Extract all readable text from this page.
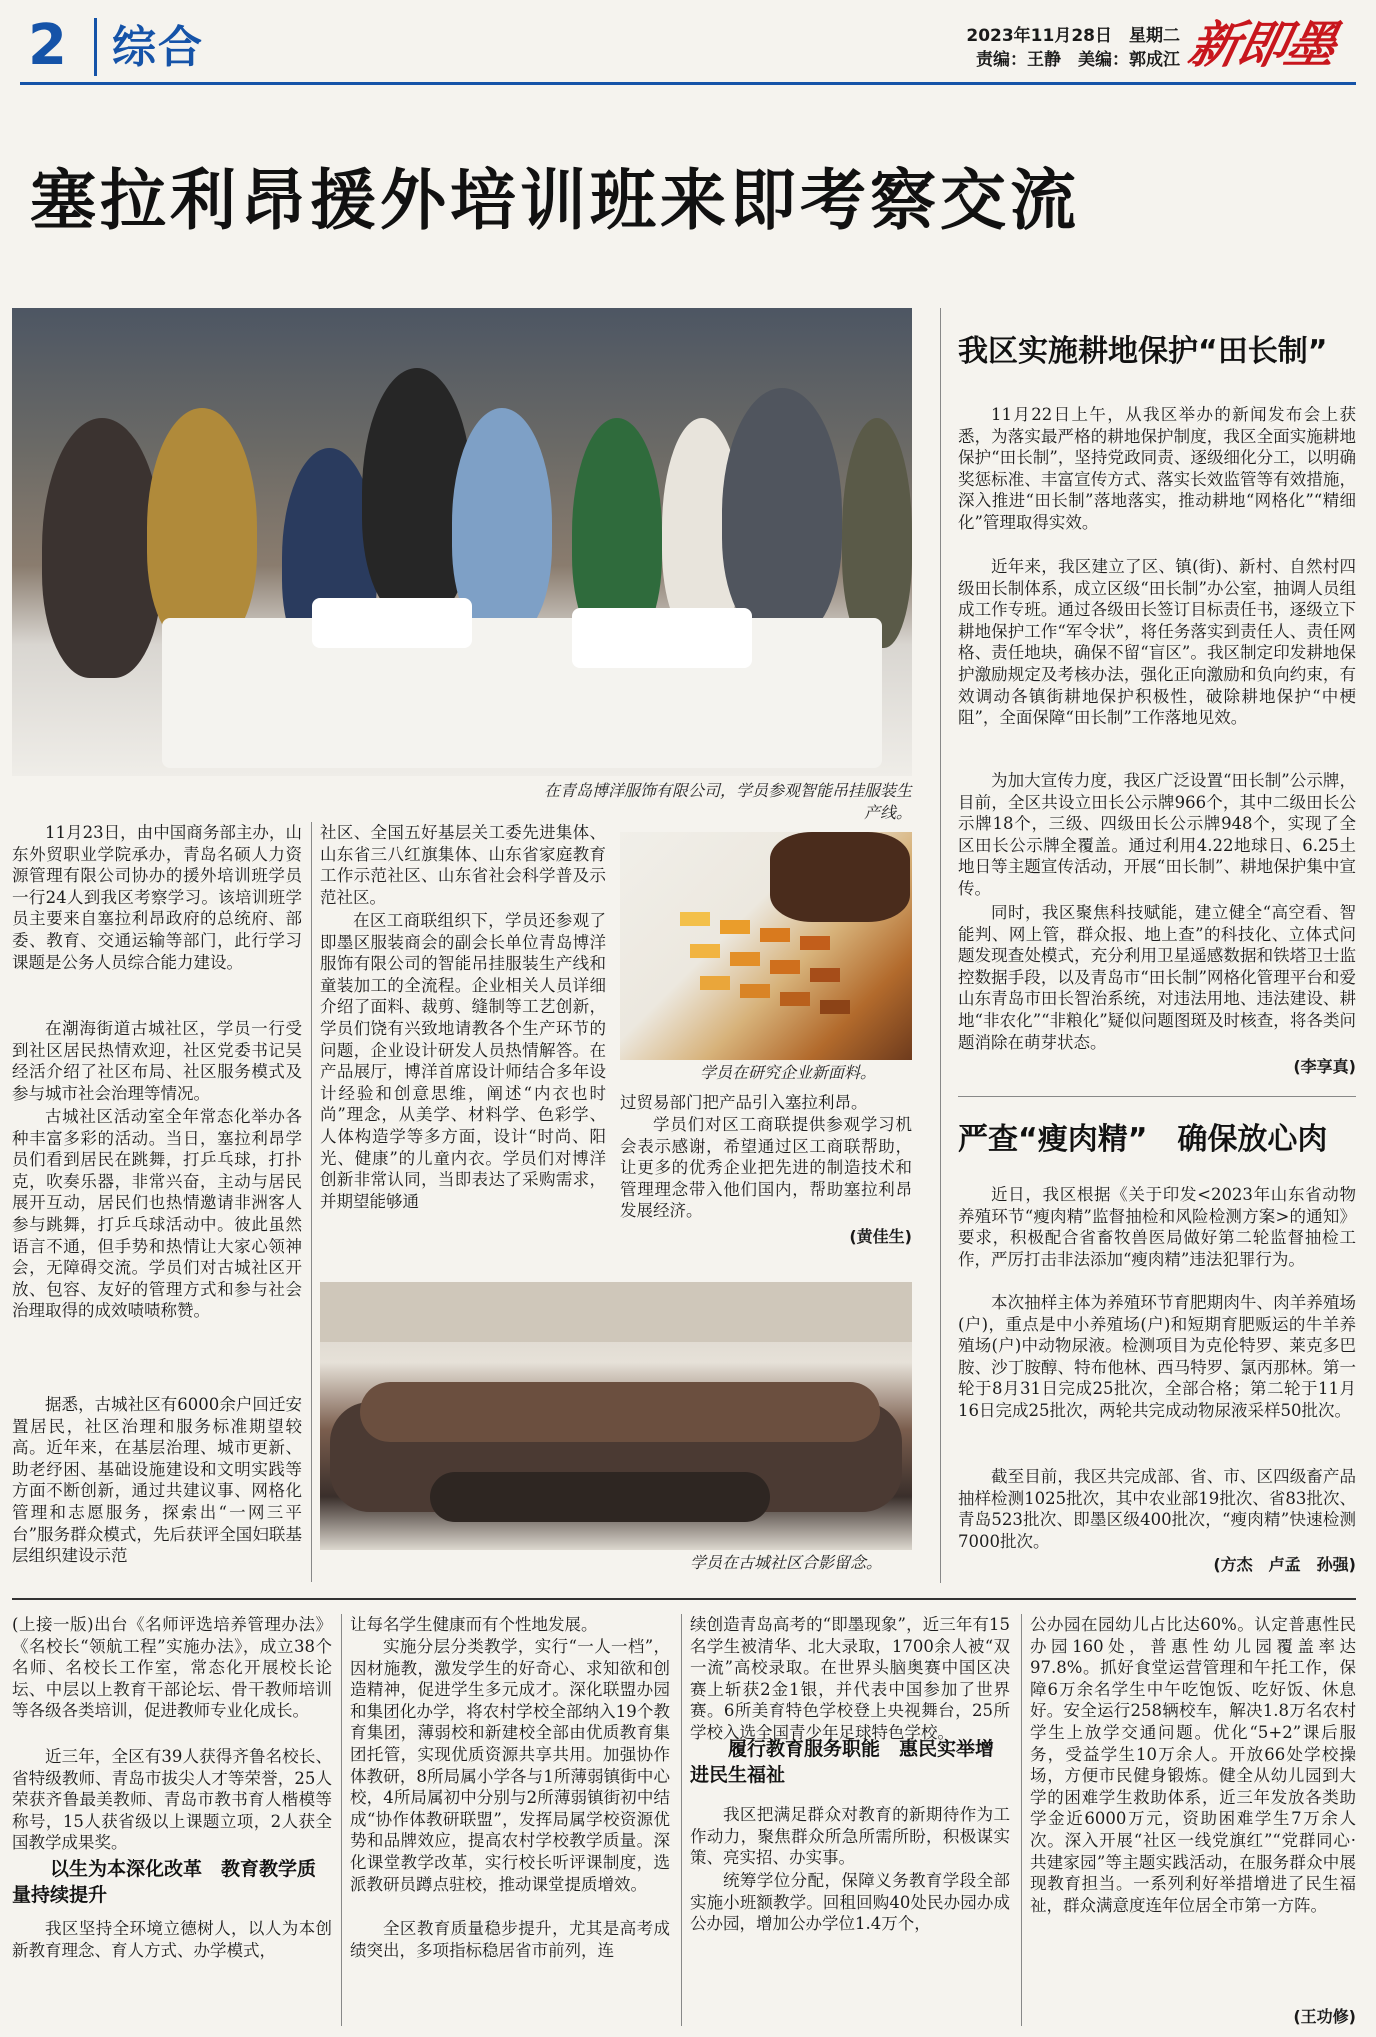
2 综合	2023年11月28日　星期二
责编：王静　美编：郭成江 新即墨
塞拉利昂援外培训班来即考察交流
在青岛博洋服饰有限公司，学员参观智能吊挂服装生产线。
学员在研究企业新面料。
11月23日，由中国商务部主办，山东外贸职业学院承办，青岛名硕人力资源管理有限公司协办的援外培训班学员一行24人到我区考察学习。该培训班学员主要来自塞拉利昂政府的总统府、部委、教育、交通运输等部门，此行学习课题是公务人员综合能力建设。
在潮海街道古城社区，学员一行受到社区居民热情欢迎，社区党委书记吴经活介绍了社区布局、社区服务模式及参与城市社会治理等情况。
古城社区活动室全年常态化举办各种丰富多彩的活动。当日，塞拉利昂学员们看到居民在跳舞，打乒乓球，打扑克，吹奏乐器，非常兴奋，主动与居民展开互动，居民们也热情邀请非洲客人参与跳舞，打乒乓球活动中。彼此虽然语言不通，但手势和热情让大家心领神会，无障碍交流。学员们对古城社区开放、包容、友好的管理方式和参与社会治理取得的成效啧啧称赞。
据悉，古城社区有6000余户回迁安置居民，社区治理和服务标准期望较高。近年来，在基层治理、城市更新、助老纾困、基础设施建设和文明实践等方面不断创新，通过共建议事、网格化管理和志愿服务，探索出“一网三平台”服务群众模式，先后获评全国妇联基层组织建设示范
社区、全国五好基层关工委先进集体、山东省三八红旗集体、山东省家庭教育工作示范社区、山东省社会科学普及示范社区。
在区工商联组织下，学员还参观了即墨区服装商会的副会长单位青岛博洋服饰有限公司的智能吊挂服装生产线和童装加工的全流程。企业相关人员详细介绍了面料、裁剪、缝制等工艺创新，学员们饶有兴致地请教各个生产环节的问题，企业设计研发人员热情解答。在产品展厅，博洋首席设计师结合多年设计经验和创意思维，阐述“内衣也时尚”理念，从美学、材料学、色彩学、人体构造学等多方面，设计“时尚、阳光、健康”的儿童内衣。学员们对博洋创新非常认同，当即表达了采购需求，并期望能够通
过贸易部门把产品引入塞拉利昂。
学员们对区工商联提供参观学习机会表示感谢，希望通过区工商联帮助，让更多的优秀企业把先进的制造技术和管理理念带入他们国内，帮助塞拉利昂发展经济。
(黄佳生)
学员在古城社区合影留念。
我区实施耕地保护“田长制”
11月22日上午，从我区举办的新闻发布会上获悉，为落实最严格的耕地保护制度，我区全面实施耕地保护“田长制”，坚持党政同责、逐级细化分工，以明确奖惩标准、丰富宣传方式、落实长效监管等有效措施，深入推进“田长制”落地落实，推动耕地“网格化”“精细化”管理取得实效。
近年来，我区建立了区、镇(街)、新村、自然村四级田长制体系，成立区级“田长制”办公室，抽调人员组成工作专班。通过各级田长签订目标责任书，逐级立下耕地保护工作“军令状”，将任务落实到责任人、责任网格、责任地块，确保不留“盲区”。我区制定印发耕地保护激励规定及考核办法，强化正向激励和负向约束，有效调动各镇街耕地保护积极性，破除耕地保护“中梗阻”，全面保障“田长制”工作落地见效。
为加大宣传力度，我区广泛设置“田长制”公示牌，目前，全区共设立田长公示牌966个，其中二级田长公示牌18个，三级、四级田长公示牌948个，实现了全区田长公示牌全覆盖。通过利用4.22地球日、6.25土地日等主题宣传活动，开展“田长制”、耕地保护集中宣传。
同时，我区聚焦科技赋能，建立健全“高空看、智能判、网上管，群众报、地上查”的科技化、立体式问题发现查处模式，充分利用卫星遥感数据和铁塔卫士监控数据手段，以及青岛市“田长制”网格化管理平台和爱山东青岛市田长智治系统，对违法用地、违法建设、耕地“非农化”“非粮化”疑似问题图斑及时核查，将各类问题消除在萌芽状态。
(李享真)
严查“瘦肉精”　确保放心肉
近日，我区根据《关于印发<2023年山东省动物养殖环节“瘦肉精”监督抽检和风险检测方案>的通知》要求，积极配合省畜牧兽医局做好第二轮监督抽检工作，严厉打击非法添加“瘦肉精”违法犯罪行为。
本次抽样主体为养殖环节育肥期肉牛、肉羊养殖场(户)，重点是中小养殖场(户)和短期育肥贩运的牛羊养殖场(户)中动物尿液。检测项目为克伦特罗、莱克多巴胺、沙丁胺醇、特布他林、西马特罗、氯丙那林。第一轮于8月31日完成25批次，全部合格；第二轮于11月16日完成25批次，两轮共完成动物尿液采样50批次。
截至目前，我区共完成部、省、市、区四级畜产品抽样检测1025批次，其中农业部19批次、省83批次、青岛523批次、即墨区级400批次，“瘦肉精”快速检测7000批次。
(方杰　卢孟　孙强)
(上接一版)出台《名师评选培养管理办法》《名校长“领航工程”实施办法》，成立38个名师、名校长工作室，常态化开展校长论坛、中层以上教育干部论坛、骨干教师培训等各级各类培训，促进教师专业化成长。
近三年，全区有39人获得齐鲁名校长、省特级教师、青岛市拔尖人才等荣誉，25人荣获齐鲁最美教师、青岛市教书育人楷模等称号，15人获省级以上课题立项，2人获全国教学成果奖。
以生为本深化改革　教育教学质量持续提升
我区坚持全环境立德树人，以人为本创新教育理念、育人方式、办学模式，
让每名学生健康而有个性地发展。
实施分层分类教学，实行“一人一档”，因材施教，激发学生的好奇心、求知欲和创造精神，促进学生多元成才。深化联盟办园和集团化办学，将农村学校全部纳入19个教育集团，薄弱校和新建校全部由优质教育集团托管，实现优质资源共享共用。加强协作体教研，8所局属小学各与1所薄弱镇街中心校，4所局属初中分别与2所薄弱镇街初中结成“协作体教研联盟”，发挥局属学校资源优势和品牌效应，提高农村学校教学质量。深化课堂教学改革，实行校长听评课制度，选派教研员蹲点驻校，推动课堂提质增效。
全区教育质量稳步提升，尤其是高考成绩突出，多项指标稳居省市前列，连
续创造青岛高考的“即墨现象”，近三年有15名学生被清华、北大录取，1700余人被“双一流”高校录取。在世界头脑奥赛中国区决赛上斩获2金1银，并代表中国参加了世界赛。6所美育特色学校登上央视舞台，25所学校入选全国青少年足球特色学校。
履行教育服务职能　惠民实举增进民生福祉
我区把满足群众对教育的新期待作为工作动力，聚焦群众所急所需所盼，积极谋实策、亮实招、办实事。
统筹学位分配，保障义务教育学段全部实施小班额教学。回租回购40处民办园办成公办园，增加公办学位1.4万个，
公办园在园幼儿占比达60%。认定普惠性民办园160处，普惠性幼儿园覆盖率达97.8%。抓好食堂运营管理和午托工作，保障6万余名学生中午吃饱饭、吃好饭、休息好。安全运行258辆校车，解决1.8万名农村学生上放学交通问题。优化“5+2”课后服务，受益学生10万余人。开放66处学校操场，方便市民健身锻炼。健全从幼儿园到大学的困难学生救助体系，近三年发放各类助学金近6000万元，资助困难学生7万余人次。深入开展“社区一线党旗红”“党群同心·共建家园”等主题实践活动，在服务群众中展现教育担当。一系列利好举措增进了民生福祉，群众满意度连年位居全市第一方阵。
(王功修)
